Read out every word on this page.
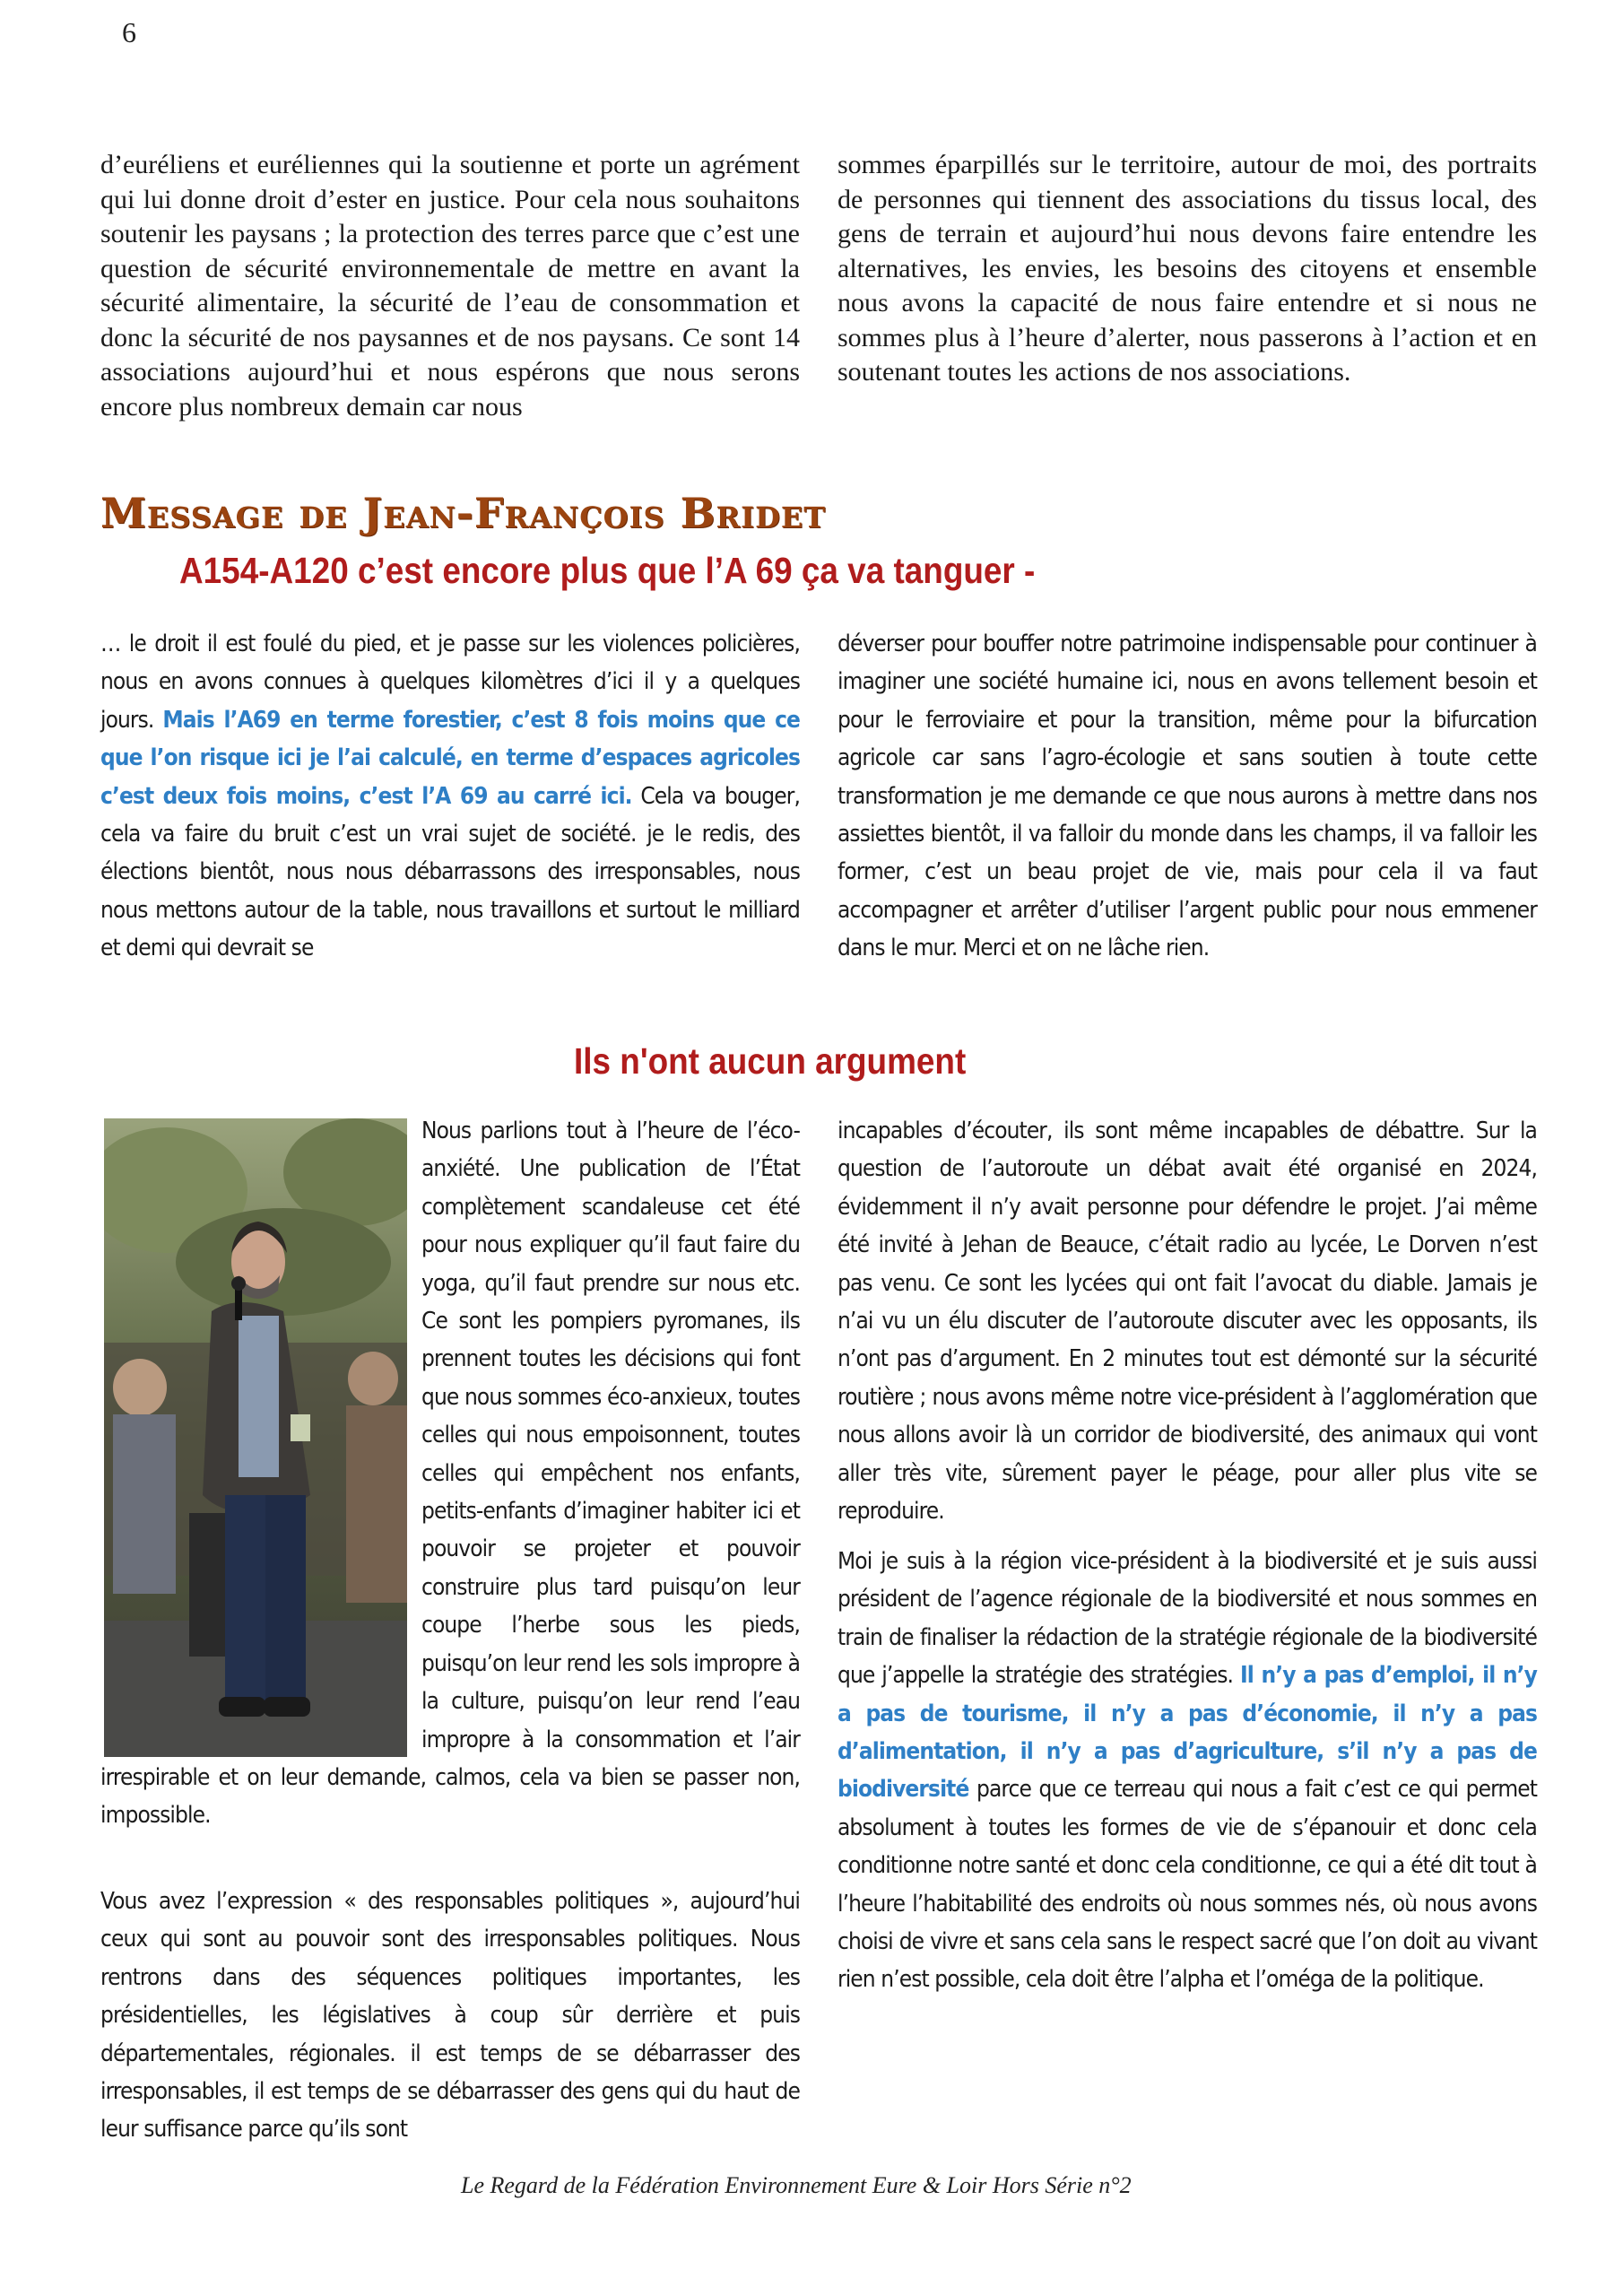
6

d’euréliens et euréliennes qui la soutienne et porte un agrément qui lui donne droit d’ester en justice. Pour cela nous souhaitons soutenir les paysans ; la protection des terres parce que c’est une question de sécurité environnementale de mettre en avant la sécurité alimentaire, la sécurité de l’eau de consommation et donc la sécurité de nos paysannes et de nos paysans. Ce sont 14 associations aujourd’hui et nous espérons que nous serons encore plus nombreux demain car nous

sommes éparpillés sur le territoire, autour de moi, des portraits de personnes qui tiennent des associations du tissus local, des gens de terrain et aujourd’hui nous devons faire entendre les alternatives, les envies, les besoins des citoyens et ensemble nous avons la capacité de nous faire entendre et si nous ne sommes plus à l’heure d’alerter, nous passerons à l’action et en soutenant toutes les actions de nos associations.

Message de Jean-François Bridet
A154-A120 c’est encore plus que l’A 69 ça va tanguer -

… le droit il est foulé du pied, et je passe sur les violences policières, nous en avons connues à quelques kilomètres d’ici il y a quelques jours. Mais l’A69 en terme forestier, c’est 8 fois moins que ce que l’on risque ici je l’ai calculé, en terme d’espaces agricoles c’est deux fois moins, c’est l’A 69 au carré ici. Cela va bouger, cela va faire du bruit c’est un vrai sujet de société. je le redis, des élections bientôt, nous nous débarrassons des irresponsables, nous nous mettons autour de la table, nous travaillons et surtout le milliard et demi qui devrait se

déverser pour bouffer notre patrimoine indispensable pour continuer à imaginer une société humaine ici, nous en avons tellement besoin et pour le ferroviaire et pour la transition, même pour la bifurcation agricole car sans l’agro-écologie et sans soutien à toute cette transformation je me demande ce que nous aurons à mettre dans nos assiettes bientôt, il va falloir du monde dans les champs, il va falloir les former, c’est un beau projet de vie, mais pour cela il va faut accompagner et arrêter d’utiliser l’argent public pour nous emmener dans le mur. Merci et on ne lâche rien.

Ils n'ont aucun argument

Nous parlions tout à l’heure de l’éco-anxiété. Une publication de l’État complètement scandaleuse cet été pour nous expliquer qu’il faut faire du yoga, qu’il faut prendre sur nous etc. Ce sont les pompiers pyromanes, ils prennent toutes les décisions qui font que nous sommes éco-anxieux, toutes celles qui nous empoisonnent, toutes celles qui empêchent nos enfants, petits-enfants d’imaginer habiter ici et pouvoir se projeter et pouvoir construire plus tard puisqu’on leur coupe l’herbe sous les pieds, puisqu’on leur rend les sols impropre à la culture, puisqu’on leur rend l’eau impropre à la consommation et l’air irrespirable et on leur demande, calmos, cela va bien se passer non, impossible.

Vous avez l’expression « des responsables politiques », aujourd’hui ceux qui sont au pouvoir sont des irresponsables politiques. Nous rentrons dans des séquences politiques importantes, les présidentielles, les législatives à coup sûr derrière et puis départementales, régionales. il est temps de se débarrasser des irresponsables, il est temps de se débarrasser des gens qui du haut de leur suffisance parce qu’ils sont

incapables d’écouter, ils sont même incapables de débattre. Sur la question de l’autoroute un débat avait été organisé en 2024, évidemment il n’y avait personne pour défendre le projet. J’ai même été invité à Jehan de Beauce, c’était radio au lycée, Le Dorven n’est pas venu. Ce sont les lycées qui ont fait l’avocat du diable. Jamais je n’ai vu un élu discuter de l’autoroute discuter avec les opposants, ils n’ont pas d’argument. En 2 minutes tout est démonté sur la sécurité routière ; nous avons même notre vice-président à l’agglomération que nous allons avoir là un corridor de biodiversité, des animaux qui vont aller très vite, sûrement payer le péage, pour aller plus vite se reproduire.

Moi je suis à la région vice-président à la biodiversité et je suis aussi président de l’agence régionale de la biodiversité et nous sommes en train de finaliser la rédaction de la stratégie régionale de la biodiversité que j’appelle la stratégie des stratégies. Il n’y a pas d’emploi, il n’y a pas de tourisme, il n’y a pas d’économie, il n’y a pas d’alimentation, il n’y a pas d’agriculture, s’il n’y a pas de biodiversité parce que ce terreau qui nous a fait c’est ce qui permet absolument à toutes les formes de vie de s’épanouir et donc cela conditionne notre santé et donc cela conditionne, ce qui a été dit tout à l’heure l’habitabilité des endroits où nous sommes nés, où nous avons choisi de vivre et sans cela sans le respect sacré que l’on doit au vivant rien n’est possible, cela doit être l’alpha et l’oméga de la politique.

Le Regard de la Fédération Environnement Eure & Loir Hors Série n°2
